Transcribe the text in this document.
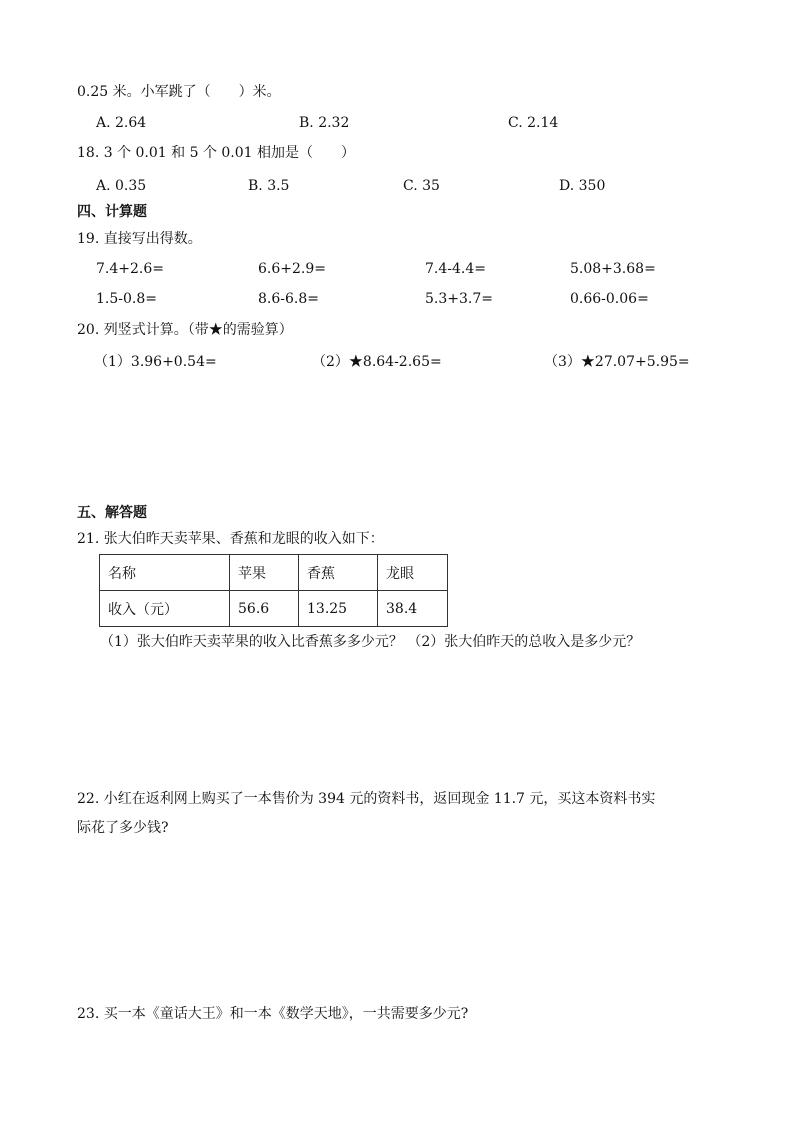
0.25 米。小军跳了（　　）米。
A. 2.64	B. 2.32	C. 2.14
18. 3 个 0.01 和 5 个 0.01 相加是（　　）
A. 0.35	B. 3.5	C. 35	D. 350
四、计算题
19. 直接写出得数。
7.4+2.6=	6.6+2.9=	7.4-4.4=	5.08+3.68=
1.5-0.8=	8.6-6.8=	5.3+3.7=	0.66-0.06=
20. 列竖式计算。（带★的需验算）
（1）3.96+0.54=	（2）★8.64-2.65=	（3）★27.07+5.95=
五、解答题
21. 张大伯昨天卖苹果、香蕉和龙眼的收入如下：
名称	苹果	香蕉	龙眼
收入（元）	56.6	13.25	38.4
（1）张大伯昨天卖苹果的收入比香蕉多多少元？ （2）张大伯昨天的总收入是多少元？
22. 小红在返利网上购买了一本售价为 394 元的资料书，返回现金 11.7 元，买这本资料书实
际花了多少钱?
23. 买一本《童话大王》和一本《数学天地》，一共需要多少元?
